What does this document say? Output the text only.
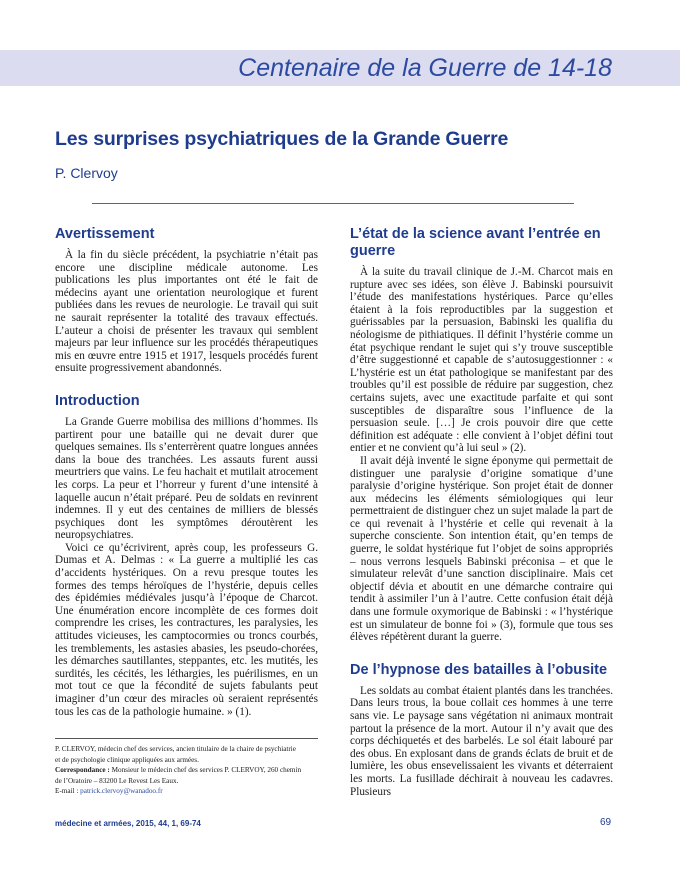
Centenaire de la Guerre de 14-18
Les surprises psychiatriques de la Grande Guerre
P. Clervoy
Avertissement

À la fin du siècle précédent, la psychiatrie n’était pas encore une discipline médicale autonome. Les publications les plus importantes ont été le fait de médecins ayant une orientation neurologique et furent publiées dans les revues de neurologie. Le travail qui suit ne saurait représenter la totalité des travaux effectués. L’auteur a choisi de présenter les travaux qui semblent majeurs par leur influence sur les procédés thérapeutiques mis en œuvre entre 1915 et 1917, lesquels procédés furent ensuite progressivement abandonnés.

Introduction

La Grande Guerre mobilisa des millions d’hommes. Ils partirent pour une bataille qui ne devait durer que quelques semaines. Ils s’enterrèrent quatre longues années dans la boue des tranchées. Les assauts furent aussi meurtriers que vains. Le feu hachait et mutilait atrocement les corps. La peur et l’horreur y furent d’une intensité à laquelle aucun n’était préparé. Peu de soldats en revinrent indemnes. Il y eut des centaines de milliers de blessés psychiques dont les symptômes déroutèrent les neuropsychiatres.

Voici ce qu’écrivirent, après coup, les professeurs G. Dumas et A. Delmas : « La guerre a multiplié les cas d’accidents hystériques. On a revu presque toutes les formes des temps héroïques de l’hystérie, depuis celles des épidémies médiévales jusqu’à l’époque de Charcot. Une énumération encore incomplète de ces formes doit comprendre les crises, les contractures, les paralysies, les attitudes vicieuses, les camptocormies ou troncs courbés, les tremblements, les astasies abasies, les pseudo-chorées, les démarches sautillantes, steppantes, etc. les mutités, les surdités, les cécités, les léthargies, les puérilismes, en un mot tout ce que la fécondité de sujets fabulants peut imaginer d’un cœur des miracles où seraient représentés tous les cas de la pathologie humaine. » (1).

L’état de la science avant l’entrée en guerre

À la suite du travail clinique de J.-M. Charcot mais en rupture avec ses idées, son élève J. Babinski poursuivit l’étude des manifestations hystériques. Parce qu’elles étaient à la fois reproductibles par la suggestion et guérissables par la persuasion, Babinski les qualifia du néologisme de pithiatiques. Il définit l’hystérie comme un état psychique rendant le sujet qui s’y trouve susceptible d’être suggestionné et capable de s’autosuggestionner : « L’hystérie est un état pathologique se manifestant par des troubles qu’il est possible de réduire par suggestion, chez certains sujets, avec une exactitude parfaite et qui sont susceptibles de disparaître sous l’influence de la persuasion seule. […] Je crois pouvoir dire que cette définition est adéquate : elle convient à l’objet défini tout entier et ne convient qu’à lui seul » (2).

Il avait déjà inventé le signe éponyme qui permettait de distinguer une paralysie d’origine somatique d’une paralysie d’origine hystérique. Son projet était de donner aux médecins les éléments sémiologiques qui leur permettraient de distinguer chez un sujet malade la part de ce qui revenait à l’hystérie et celle qui revenait à la superche consciente. Son intention était, qu’en temps de guerre, le soldat hystérique fut l’objet de soins appropriés – nous verrons lesquels Babinski préconisa – et que le simulateur relevât d’une sanction disciplinaire. Mais cet objectif dévia et aboutit en une démarche contraire qui tendit à assimiler l’un à l’autre. Cette confusion était déjà dans une formule oxymorique de Babinski : « l’hystérique est un simulateur de bonne foi » (3), formule que tous ses élèves répétèrent durant la guerre.

De l’hypnose des batailles à l’obusite

Les soldats au combat étaient plantés dans les tranchées. Dans leurs trous, la boue collait ces hommes à une terre sans vie. Le paysage sans végétation ni animaux montrait partout la présence de la mort. Autour il n’y avait que des corps déchiquetés et des barbelés. Le sol était labouré par des obus. En explosant dans de grands éclats de bruit et de lumière, les obus ensevelissaient les vivants et déterraient les morts. La fusillade déchirait à nouveau les cadavres. Plusieurs

P. CLERVOY, médecin chef des services, ancien titulaire de la chaire de psychiatrie
et de psychologie clinique appliquées aux armées.
Correspondance : Monsieur le médecin chef des services P. CLERVOY, 260 chemin
de l’Oratoire – 83200 Le Revest Les Eaux.
E-mail : patrick.clervoy@wanadoo.fr
médecine et armées, 2015, 44, 1, 69-74	69
